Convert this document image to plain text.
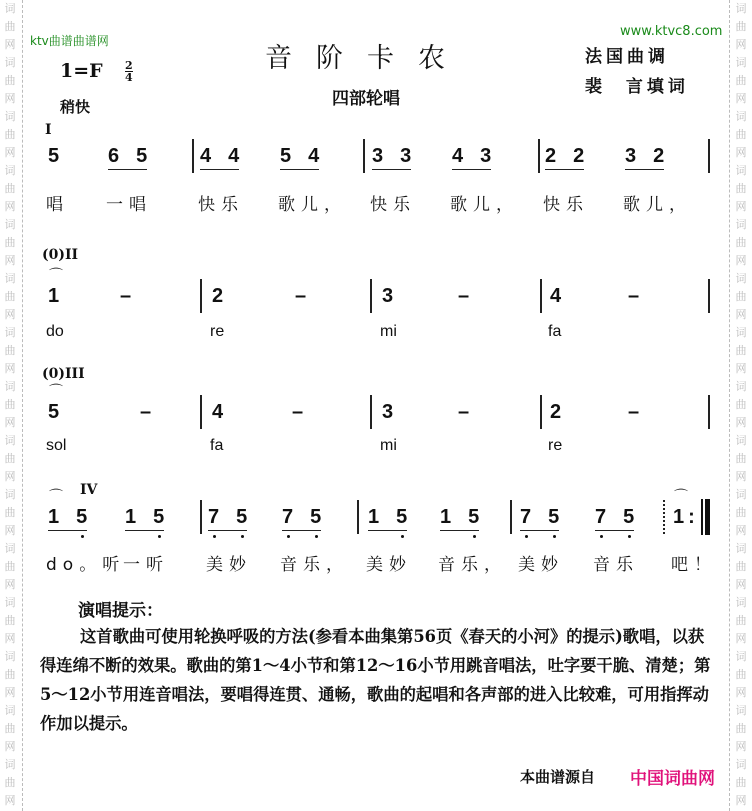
词曲网
词曲网
词曲网
词曲网
词曲网
词曲网
词曲网
词曲网
词曲网
词曲网
词曲网
词曲网
词曲网
词曲网
词曲网
词曲网
词曲网
词曲网
词曲网
词曲网
词曲网
词曲网
词曲网
词曲网
词曲网
词曲网
词曲网
词曲网
词曲网
词曲网
ktv曲谱曲谱网
www.ktvc8.com
音阶卡农
四部轮唱
法国曲调
裴  言填词
$1=F \frac{2}{4}$
稍快
I
5
唱
6 5
一唱
4 4
快乐
5 4
歌儿，
3 3
快乐
4 3
歌儿，
2 2
快乐
3 2
歌儿，
(0)II
1
do
–	2
re
–	3
mi
–	4
fa
–
⌒
(0)III
5
sol
–	4
fa
–	3
mi
–	2
re
–
⌒
IV
1 5
do。听
1 5
一听
7 5
美妙
7 5
音乐，
1 5
美妙
1 5
音乐，
7 5
美妙
7 5
音乐
1 :
吧！
⌒	⌒
演唱提示：
这首歌曲可使用轮换呼吸的方法(参看本曲集第56页《春天的小河》的提示)歌唱，以获得连绵不断的效果。歌曲的第1～4小节和第12～16小节用跳音唱法，吐字要干脆、清楚；第5～12小节用连音唱法，要唱得连贯、通畅，歌曲的起唱和各声部的进入比较难，可用指挥动作加以提示。
本曲谱源自 中国词曲网
